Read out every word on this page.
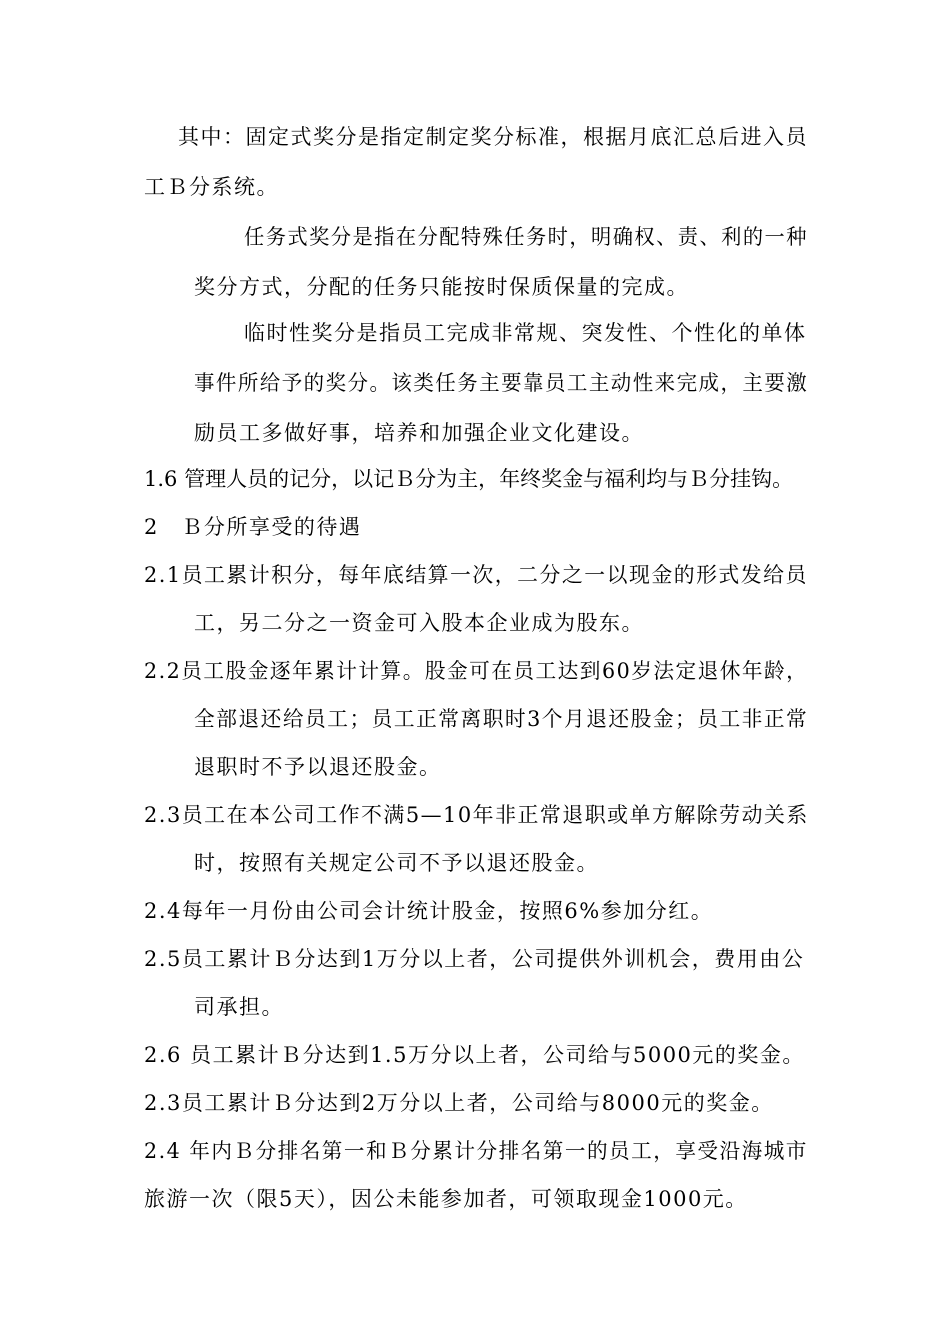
其中：固定式奖分是指定制定奖分标准，根据月底汇总后进入员
工Ｂ分系统。
任务式奖分是指在分配特殊任务时，明确权、责、利的一种
奖分方式，分配的任务只能按时保质保量的完成。
临时性奖分是指员工完成非常规、突发性、个性化的单体
事件所给予的奖分。该类任务主要靠员工主动性来完成，主要激
励员工多做好事，培养和加强企业文化建设。
1.6 管理人员的记分，以记Ｂ分为主，年终奖金与福利均与Ｂ分挂钩。
2　Ｂ分所享受的待遇
2.1员工累计积分，每年底结算一次，二分之一以现金的形式发给员
工，另二分之一资金可入股本企业成为股东。
2.2员工股金逐年累计计算。股金可在员工达到60岁法定退休年龄，
全部退还给员工；员工正常离职时3个月退还股金；员工非正常
退职时不予以退还股金。
2.3员工在本公司工作不满5—10年非正常退职或单方解除劳动关系
时，按照有关规定公司不予以退还股金。
2.4每年一月份由公司会计统计股金，按照6%参加分红。
2.5员工累计Ｂ分达到1万分以上者，公司提供外训机会，费用由公
司承担。
2.6 员工累计Ｂ分达到1.5万分以上者，公司给与5000元的奖金。
2.3员工累计Ｂ分达到2万分以上者，公司给与8000元的奖金。
2.4 年内Ｂ分排名第一和Ｂ分累计分排名第一的员工，享受沿海城市
旅游一次（限5天），因公未能参加者，可领取现金1000元。
